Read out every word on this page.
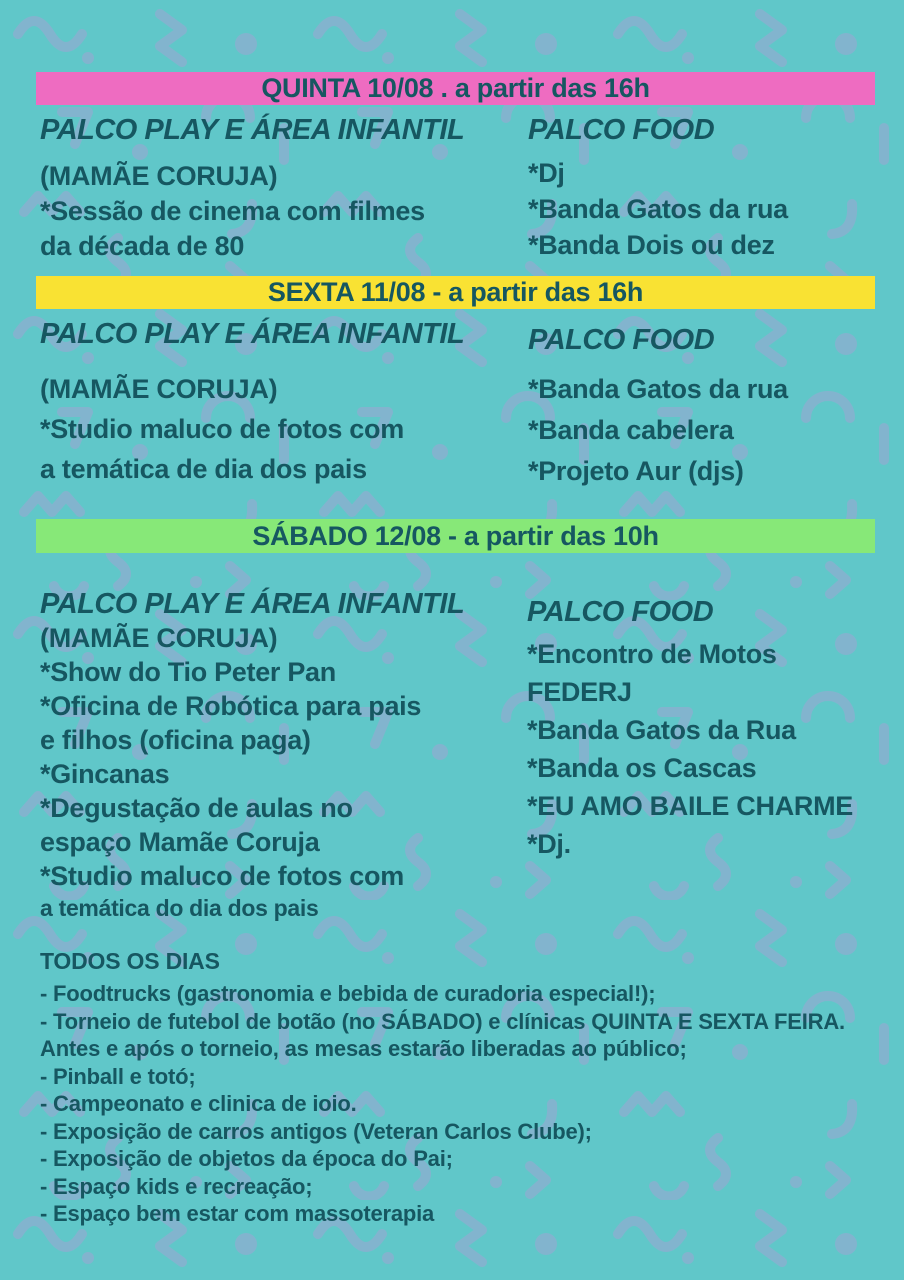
QUINTA 10/08 . a partir das 16h
PALCO PLAY E ÁREA INFANTIL
(MAMÃE CORUJA)
*Sessão de cinema com filmes
da década de 80
PALCO FOOD
*Dj
*Banda Gatos da rua
*Banda Dois ou dez
SEXTA 11/08 - a partir das 16h
PALCO PLAY E ÁREA INFANTIL
(MAMÃE CORUJA)
*Studio maluco de fotos com
a temática de dia dos pais
PALCO FOOD
*Banda Gatos da rua
*Banda cabelera
*Projeto Aur (djs)
SÁBADO 12/08 - a partir das 10h
PALCO PLAY E ÁREA INFANTIL
(MAMÃE CORUJA)
*Show do Tio Peter Pan
*Oficina de Robótica para pais
e filhos (oficina paga)
*Gincanas
*Degustação de aulas no
espaço Mamãe Coruja
*Studio maluco de fotos com
a temática do dia dos pais
PALCO FOOD
*Encontro de Motos
FEDERJ
*Banda Gatos da Rua
*Banda os Cascas
*EU AMO BAILE CHARME
*Dj.
TODOS OS DIAS
- Foodtrucks (gastronomia e bebida de curadoria especial!);
- Torneio de futebol de botão (no SÁBADO) e clínicas QUINTA E SEXTA FEIRA.
Antes e após o torneio, as mesas estarão liberadas ao público;
- Pinball e totó;
- Campeonato e clinica de ioio.
- Exposição de carros antigos (Veteran Carlos Clube);
- Exposição de objetos da época do Pai;
- Espaço kids e recreação;
- Espaço bem estar com massoterapia
